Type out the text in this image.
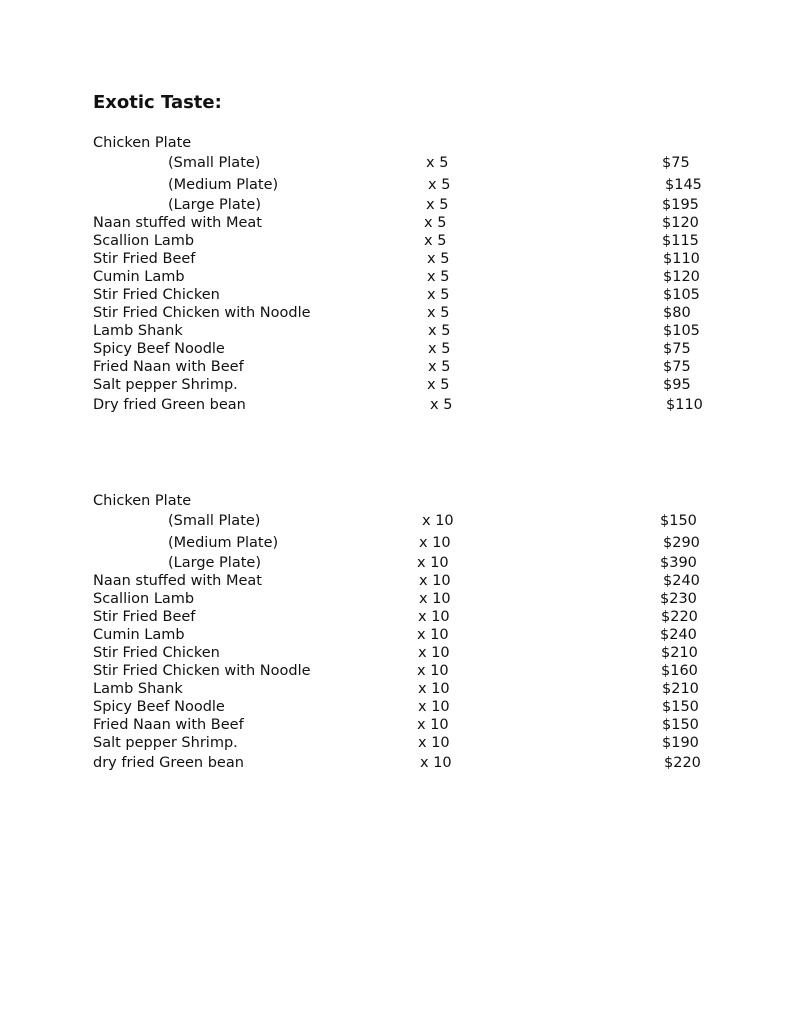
Exotic Taste:
Chicken Plate
(Small Plate)	x 5	$75
(Medium Plate)	x 5	$145
(Large Plate)	x 5	$195
Naan stuffed with Meat	x 5	$120
Scallion Lamb	x 5	$115
Stir Fried Beef	x 5	$110
Cumin Lamb	x 5	$120
Stir Fried Chicken	x 5	$105
Stir Fried Chicken with Noodle	x 5	$80
Lamb Shank	x 5	$105
Spicy Beef Noodle	x 5	$75
Fried Naan with Beef	x 5	$75
Salt pepper Shrimp.	x 5	$95
Dry fried Green bean	x 5	$110
Chicken Plate
(Small Plate)	x 10	$150
(Medium Plate)	x 10	$290
(Large Plate)	x 10	$390
Naan stuffed with Meat	x 10	$240
Scallion Lamb	x 10	$230
Stir Fried Beef	x 10	$220
Cumin Lamb	x 10	$240
Stir Fried Chicken	x 10	$210
Stir Fried Chicken with Noodle	x 10	$160
Lamb Shank	x 10	$210
Spicy Beef Noodle	x 10	$150
Fried Naan with Beef	x 10	$150
Salt pepper Shrimp.	x 10	$190
dry fried Green bean	x 10	$220
